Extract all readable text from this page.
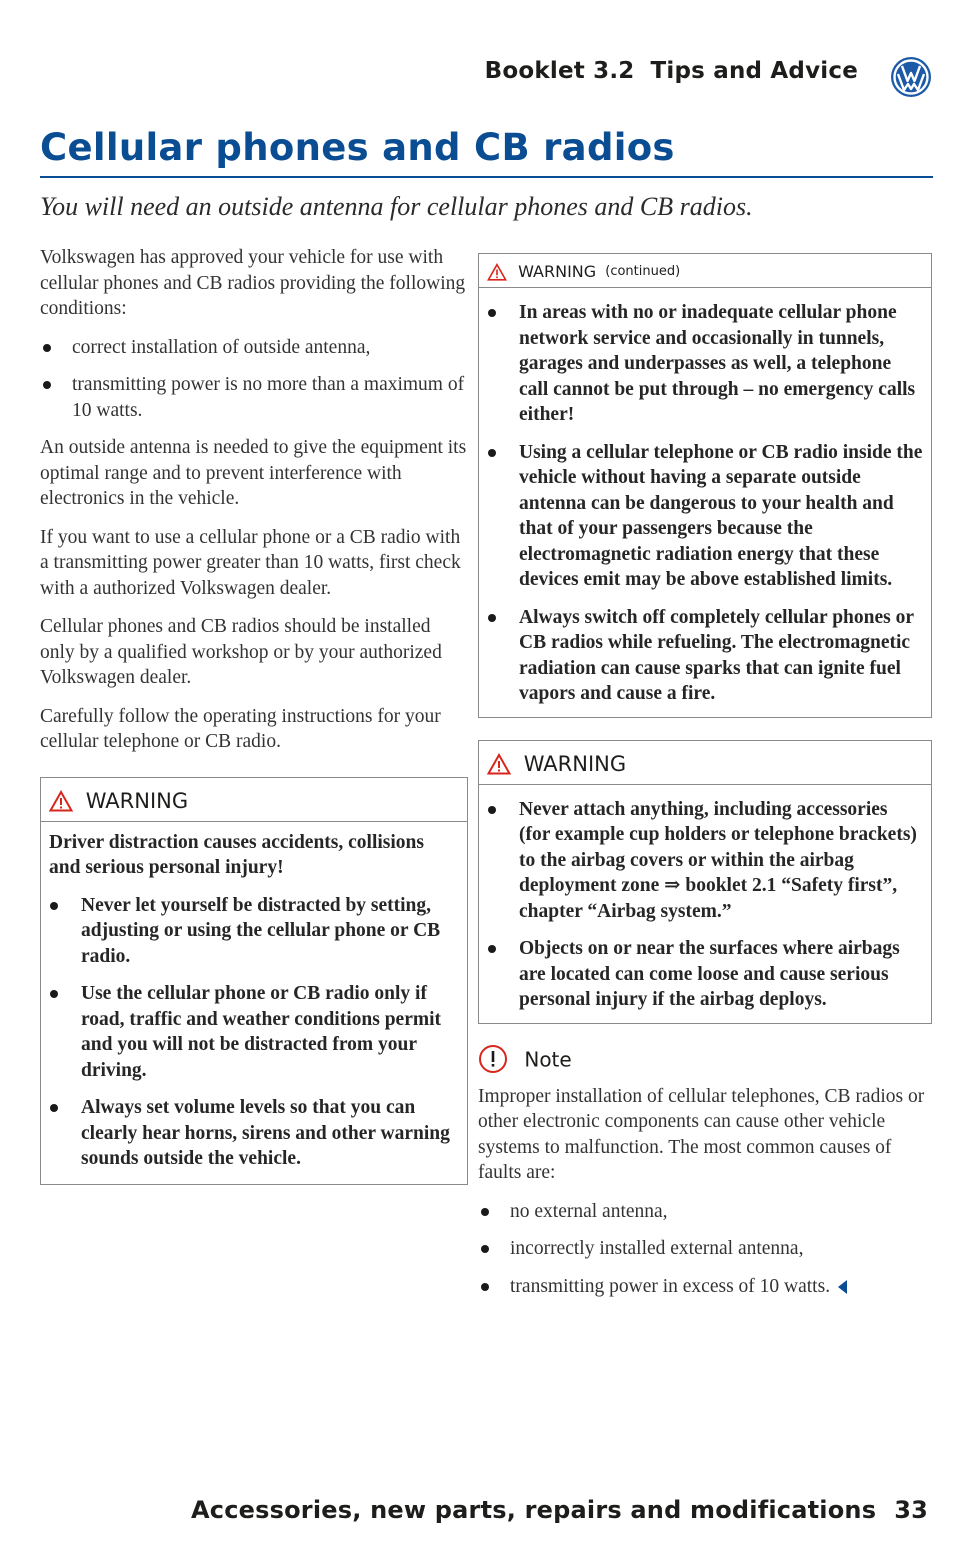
Booklet 3.2 Tips and Advice
Cellular phones and CB radios
You will need an outside antenna for cellular phones and CB radios.

Volkswagen has approved your vehicle for use with cellular phones and CB radios providing the following conditions:

correct installation of outside antenna,
transmitting power is no more than a maximum of 10 watts.

An outside antenna is needed to give the equipment its optimal range and to prevent interference with electronics in the vehicle.

If you want to use a cellular phone or a CB radio with a transmitting power greater than 10 watts, first check with a authorized Volkswagen dealer.

Cellular phones and CB radios should be installed only by a qualified workshop or by your authorized Volkswagen dealer.

Carefully follow the operating instructions for your cellular telephone or CB radio.

WARNING

Driver distraction causes accidents, collisions and serious personal injury!

Never let yourself be distracted by setting, adjusting or using the cellular phone or CB radio.
Use the cellular phone or CB radio only if road, traffic and weather conditions permit and you will not be distracted from your driving.
Always set volume levels so that you can clearly hear horns, sirens and other warning sounds outside the vehicle.
WARNING (continued)
In areas with no or inadequate cellular phone network service and occasionally in tunnels, garages and underpasses as well, a telephone call cannot be put through – no emergency calls either!
Using a cellular telephone or CB radio inside the vehicle without having a separate outside antenna can be dangerous to your health and that of your passengers because the electromagnetic radiation energy that these devices emit may be above established limits.
Always switch off completely cellular phones or CB radios while refueling. The electromagnetic radiation can cause sparks that can ignite fuel vapors and cause a fire.
WARNING
Never attach anything, including accessories (for example cup holders or telephone brackets) to the airbag covers or within the airbag deployment zone ⇒ booklet 2.1 “Safety first”, chapter “Airbag system.”
Objects on or near the surfaces where airbags are located can come loose and cause serious personal injury if the airbag deploys.
Note

Improper installation of cellular telephones, CB radios or other electronic components can cause other vehicle systems to malfunction. The most common causes of faults are:

no external antenna,
incorrectly installed external antenna,
transmitting power in excess of 10 watts.
Accessories, new parts, repairs and modifications 33
